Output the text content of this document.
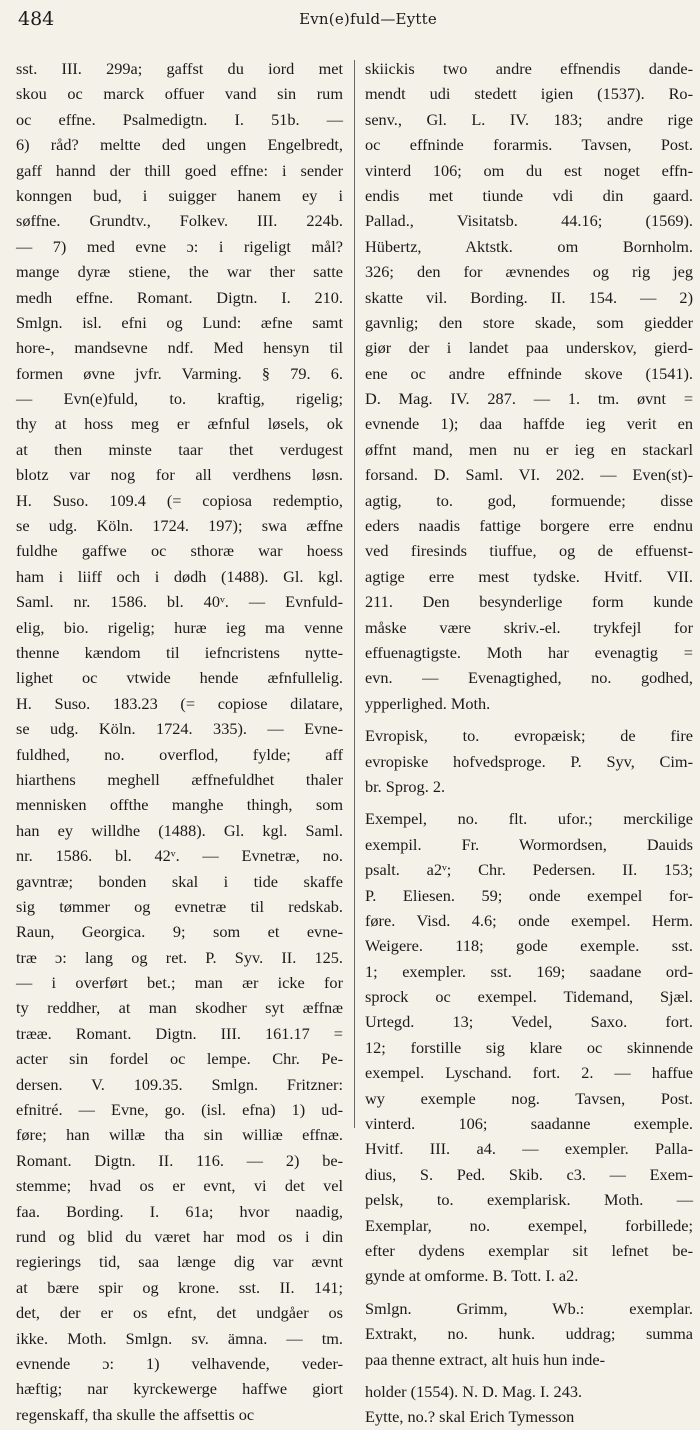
484	Evn(e)fuld—Eytte
sst. III. 299a; gaffst du iord met
skou oc marck offuer vand sin rum
oc effne. Psalmedigtn. I. 51b. —
6) råd? meltte ded ungen Engelbredt,
gaff hannd der thill goed effne: i sender
konngen bud, i suigger hanem ey i
søffne. Grundtv., Folkev. III. 224b.
— 7) med evne ɔ: i rigeligt mål?
mange dyræ stiene, the war ther satte
medh effne. Romant. Digtn. I. 210.
Smlgn. isl. efni og Lund: æfne samt
hore-, mandsevne ndf. Med hensyn til
formen øvne jvfr. Varming. § 79. 6.
— Evn(e)fuld, to. kraftig, rigelig;
thy at hoss meg er æfnful løsels, ok
at then minste taar thet verdugest
blotz var nog for all verdhens løsn.
H. Suso. 109.4 (= copiosa redemptio,
se udg. Köln. 1724. 197); swa æffne
fuldhe gaffwe oc sthoræ war hoess
ham i liiff och i dødh (1488). Gl. kgl.
Saml. nr. 1586. bl. 40ᵛ. — Evnfuld-
elig, bio. rigelig; huræ ieg ma venne
thenne kændom til iefncristens nytte-
lighet oc vtwide hende æfnfullelig.
H. Suso. 183.23 (= copiose dilatare,
se udg. Köln. 1724. 335). — Evne-
fuldhed, no. overflod, fylde; aff
hiarthens meghell æffnefuldhet thaler
mennisken offthe manghe thingh, som
han ey willdhe (1488). Gl. kgl. Saml.
nr. 1586. bl. 42ᵛ. — Evnetræ, no.
gavntræ; bonden skal i tide skaffe
sig tømmer og evnetræ til redskab.
Raun, Georgica. 9; som et evne-
træ ɔ: lang og ret. P. Syv. II. 125.
— i overført bet.; man ær icke for
ty reddher, at man skodher syt æffnæ
trææ. Romant. Digtn. III. 161.17 =
acter sin fordel oc lempe. Chr. Pe-
dersen. V. 109.35. Smlgn. Fritzner:
efnitré. — Evne, go. (isl. efna) 1) ud-
føre; han willæ tha sin williæ effnæ.
Romant. Digtn. II. 116. — 2) be-
stemme; hvad os er evnt, vi det vel
faa. Bording. I. 61a; hvor naadig,
rund og blid du været har mod os i din
regierings tid, saa længe dig var ævnt
at bære spir og krone. sst. II. 141;
det, der er os efnt, det undgåer os
ikke. Moth. Smlgn. sv. ämna. — tm.
evnende ɔ: 1) velhavende, veder-
hæftig; nar kyrckewerge haffwe giort
regenskaff, tha skulle the affsettis oc
skiickis two andre effnendis dande-
mendt udi stedett igien (1537). Ro-
senv., Gl. L. IV. 183; andre rige
oc effninde forarmis. Tavsen, Post.
vinterd 106; om du est noget effn-
endis met tiunde vdi din gaard.
Pallad., Visitatsb. 44.16; (1569).
Hübertz, Aktstk. om Bornholm.
326; den for ævnendes og rig jeg
skatte vil. Bording. II. 154. — 2)
gavnlig; den store skade, som giedder
giør der i landet paa underskov, gierd-
ene oc andre effninde skove (1541).
D. Mag. IV. 287. — 1. tm. øvnt =
evnende 1); daa haffde ieg verit en
øffnt mand, men nu er ieg en stackarl
forsand. D. Saml. VI. 202. — Even(st)-
agtig, to. god, formuende; disse
eders naadis fattige borgere erre endnu
ved firesinds tiuffue, og de effuenst-
agtige erre mest tydske. Hvitf. VII.
211. Den besynderlige form kunde
måske være skriv.-el. trykfejl for
effuenagtigste. Moth har evenagtig =
evn. — Evenagtighed, no. godhed,
ypperlighed. Moth.
Evropisk, to. evropæisk; de fire
evropiske hofvedsproge. P. Syv, Cim-
br. Sprog. 2.
Exempel, no. flt. ufor.; merckilige
exempil. Fr. Wormordsen, Dauids
psalt. a2ᵛ; Chr. Pedersen. II. 153;
P. Eliesen. 59; onde exempel for-
føre. Visd. 4.6; onde exempel. Herm.
Weigere. 118; gode exemple. sst.
1; exempler. sst. 169; saadane ord-
sprock oc exempel. Tidemand, Sjæl.
Urtegd. 13; Vedel, Saxo. fort.
12; forstille sig klare oc skinnende
exempel. Lyschand. fort. 2. — haffue
wy exemple nog. Tavsen, Post.
vinterd. 106; saadanne exemple.
Hvitf. III. a4. — exempler. Palla-
dius, S. Ped. Skib. c3. — Exem-
pelsk, to. exemplarisk. Moth. —
Exemplar, no. exempel, forbillede;
efter dydens exemplar sit lefnet be-
gynde at omforme. B. Tott. I. a2.
Smlgn. Grimm, Wb.: exemplar.
Extrakt, no. hunk. uddrag; summa
paa thenne extract, alt huis hun inde-
holder (1554). N. D. Mag. I. 243.
Eytte, no.? skal Erich Tymesson
